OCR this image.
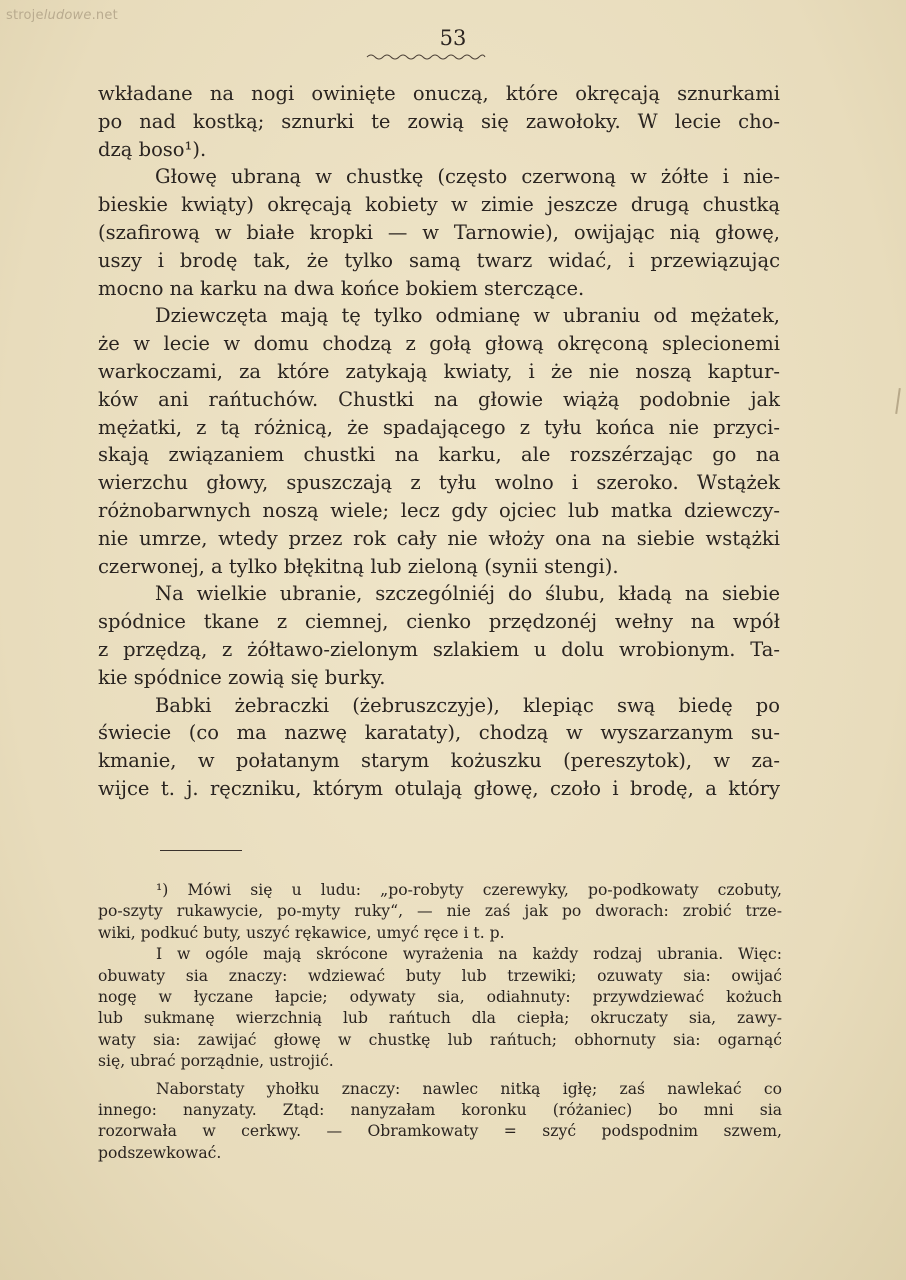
strojeludowe.net
53
wkładane na nogi owinięte onuczą, które okręcają sznurkami
po nad kostką; sznurki te zowią się zawołoky. W lecie cho-
dzą boso¹).
Głowę ubraną w chustkę (często czerwoną w żółte i nie-
bieskie kwiąty) okręcają kobiety w zimie jeszcze drugą chustką
(szafirową w białe kropki — w Tarnowie), owijając nią głowę,
uszy i brodę tak, że tylko samą twarz widać, i przewiązując
mocno na karku na dwa końce bokiem sterczące.
Dziewczęta mają tę tylko odmianę w ubraniu od mężatek,
że w lecie w domu chodzą z gołą głową okręconą splecionemi
warkoczami, za które zatykają kwiaty, i że nie noszą kaptur-
ków ani rańtuchów. Chustki na głowie wiążą podobnie jak
mężatki, z tą różnicą, że spadającego z tyłu końca nie przyci-
skają związaniem chustki na karku, ale rozszérzając go na
wierzchu głowy, spuszczają z tyłu wolno i szeroko. Wstążek
różnobarwnych noszą wiele; lecz gdy ojciec lub matka dziewczy-
nie umrze, wtedy przez rok cały nie włoży ona na siebie wstążki
czerwonej, a tylko błękitną lub zieloną (synii stengi).
Na wielkie ubranie, szczególniéj do ślubu, kładą na siebie
spódnice tkane z ciemnej, cienko przędzonéj wełny na wpół
z przędzą, z żółtawo-zielonym szlakiem u dolu wrobionym. Ta-
kie spódnice zowią się burky.
Babki żebraczki (żebruszczyje), klepiąc swą biedę po
świecie (co ma nazwę karataty), chodzą w wyszarzanym su-
kmanie, w połatanym starym kożuszku (pereszytok), w za-
wijce t. j. ręczniku, którym otulają głowę, czoło i brodę, a który
¹) Mówi się u ludu: „po-robyty czerewyky, po-podkowaty czobuty,
po-szyty rukawycie, po-myty ruky“, — nie zaś jak po dworach: zrobić trze-
wiki, podkuć buty, uszyć rękawice, umyć ręce i t. p.
I w ogóle mają skrócone wyrażenia na każdy rodzaj ubrania. Więc:
obuwaty sia znaczy: wdziewać buty lub trzewiki; ozuwaty sia: owijać
nogę w łyczane łapcie; odywaty sia, odiahnuty: przywdziewać kożuch
lub sukmanę wierzchnią lub rańtuch dla ciepła; okruczaty sia, zawy-
waty sia: zawijać głowę w chustkę lub rańtuch; obhornuty sia: ogarnąć
się, ubrać porządnie, ustrojić.
Naborstaty yhołku znaczy: nawlec nitką igłę; zaś nawlekać co
innego: nanyzaty. Ztąd: nanyzałam koronku (różaniec) bo mni sia
rozorwała w cerkwy. — Obramkowaty = szyć podspodnim szwem,
podszewkować.
